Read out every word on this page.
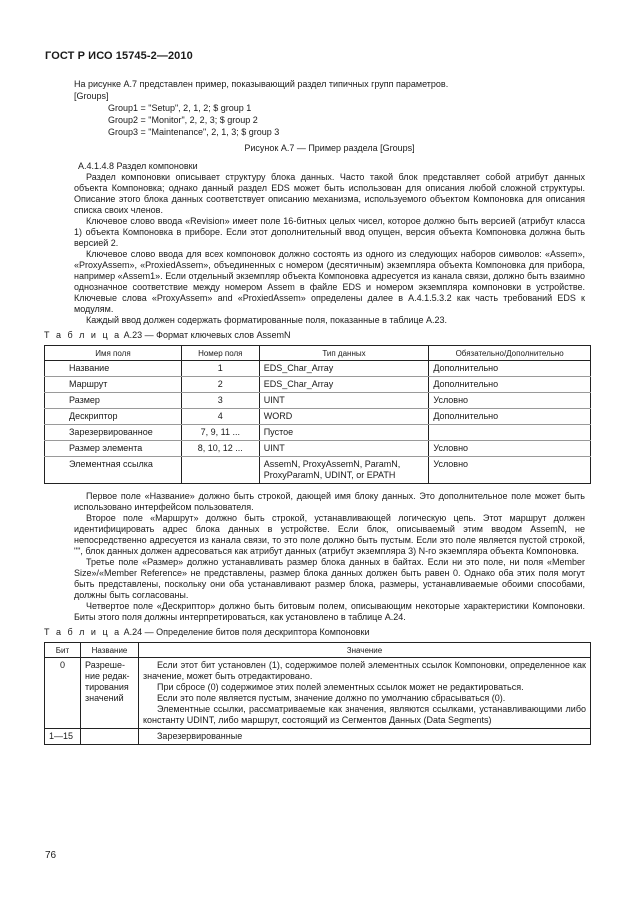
ГОСТ Р ИСО 15745-2—2010

На рисунке А.7 представлен пример, показывающий раздел типичных групп параметров.

[Groups]
Group1 = "Setup", 2, 1, 2; $ group 1
Group2 = "Monitor", 2, 2, 3; $ group 2
Group3 = "Maintenance", 2, 1, 3; $ group 3
Рисунок А.7 — Пример раздела [Groups]

А.4.1.4.8 Раздел компоновки

Раздел компоновки описывает структуру блока данных. Часто такой блок представляет собой атрибут данных объекта Компоновка; однако данный раздел EDS может быть использован для описания любой сложной структуры. Описание этого блока данных соответствует описанию механизма, используемого объектом Компоновка для описания списка своих членов.

Ключевое слово ввода «Revision» имеет поле 16-битных целых чисел, которое должно быть версией (атрибут класса 1) объекта Компоновка в приборе. Если этот дополнительный ввод опущен, версия объекта Компоновка должна быть версией 2.

Ключевое слово ввода для всех компоновок должно состоять из одного из следующих наборов символов: «Assem», «ProxyAssem», «ProxiedAssem», объединенных с номером (десятичным) экземпляра объекта Компоновка для прибора, например «Assem1». Если отдельный экземпляр объекта Компоновка адресуется из канала связи, должно быть взаимно однозначное соответствие между номером Assem в файле EDS и номером экземпляра компоновки в устройстве. Ключевые слова «ProxyAssem» and «ProxiedAssem» определены далее в А.4.1.5.3.2 как часть требований EDS к модулям.

Каждый ввод должен содержать форматированные поля, показанные в таблице А.23.

Т а б л и ц а А.23 — Формат ключевых слов AssemN
Имя поля	Номер поля	Тип данных	Обязательно/Дополнительно
Название	1	EDS_Char_Array	Дополнительно
Маршрут	2	EDS_Char_Array	Дополнительно
Размер	3	UINT	Условно
Дескриптор	4	WORD	Дополнительно
Зарезервированное	7, 9, 11 ...	Пустое	
Размер элемента	8, 10, 12 ...	UINT	Условно
Элементная ссылка		AssemN, ProxyAssemN, ParamN, ProxyParamN, UDINT, or EPATH	Условно

Первое поле «Название» должно быть строкой, дающей имя блоку данных. Это дополнительное поле может быть использовано интерфейсом пользователя.

Второе поле «Маршрут» должно быть строкой, устанавливающей логическую цепь. Этот маршрут должен идентифицировать адрес блока данных в устройстве. Если блок, описываемый этим вводом AssemN, не непосредственно адресуется из канала связи, то это поле должно быть пустым. Если это поле является пустой строкой, "", блок данных должен адресоваться как атрибут данных (атрибут экземпляра 3) N-го экземпляра объекта Компоновка.

Третье поле «Размер» должно устанавливать размер блока данных в байтах. Если ни это поле, ни поля «Member Size»/«Member Reference» не представлены, размер блока данных должен быть равен 0. Однако оба этих поля могут быть представлены, поскольку они оба устанавливают размер блока, размеры, устанавливаемые обоими способами, должны быть согласованы.

Четвертое поле «Дескриптор» должно быть битовым полем, описывающим некоторые характеристики Компоновки. Биты этого поля должны интерпретироваться, как установлено в таблице А.24.

Т а б л и ц а А.24 — Определение битов поля дескриптора Компоновки
Бит	Название	Значение
0	Разреше-ние редак-тирования значений	Если этот бит установлен (1), содержимое полей элементных ссылок Компоновки, определенное как значение, может быть отредактировано.

При сбросе (0) содержимое этих полей элементных ссылок может не редактироваться.

Если это поле является пустым, значение должно по умолчанию сбрасываться (0).

Элементные ссылки, рассматриваемые как значения, являются ссылками, устанавливающими либо константу UDINT, либо маршрут, состоящий из Сегментов Данных (Data Segments)

1—15		Зарезервированные

76
